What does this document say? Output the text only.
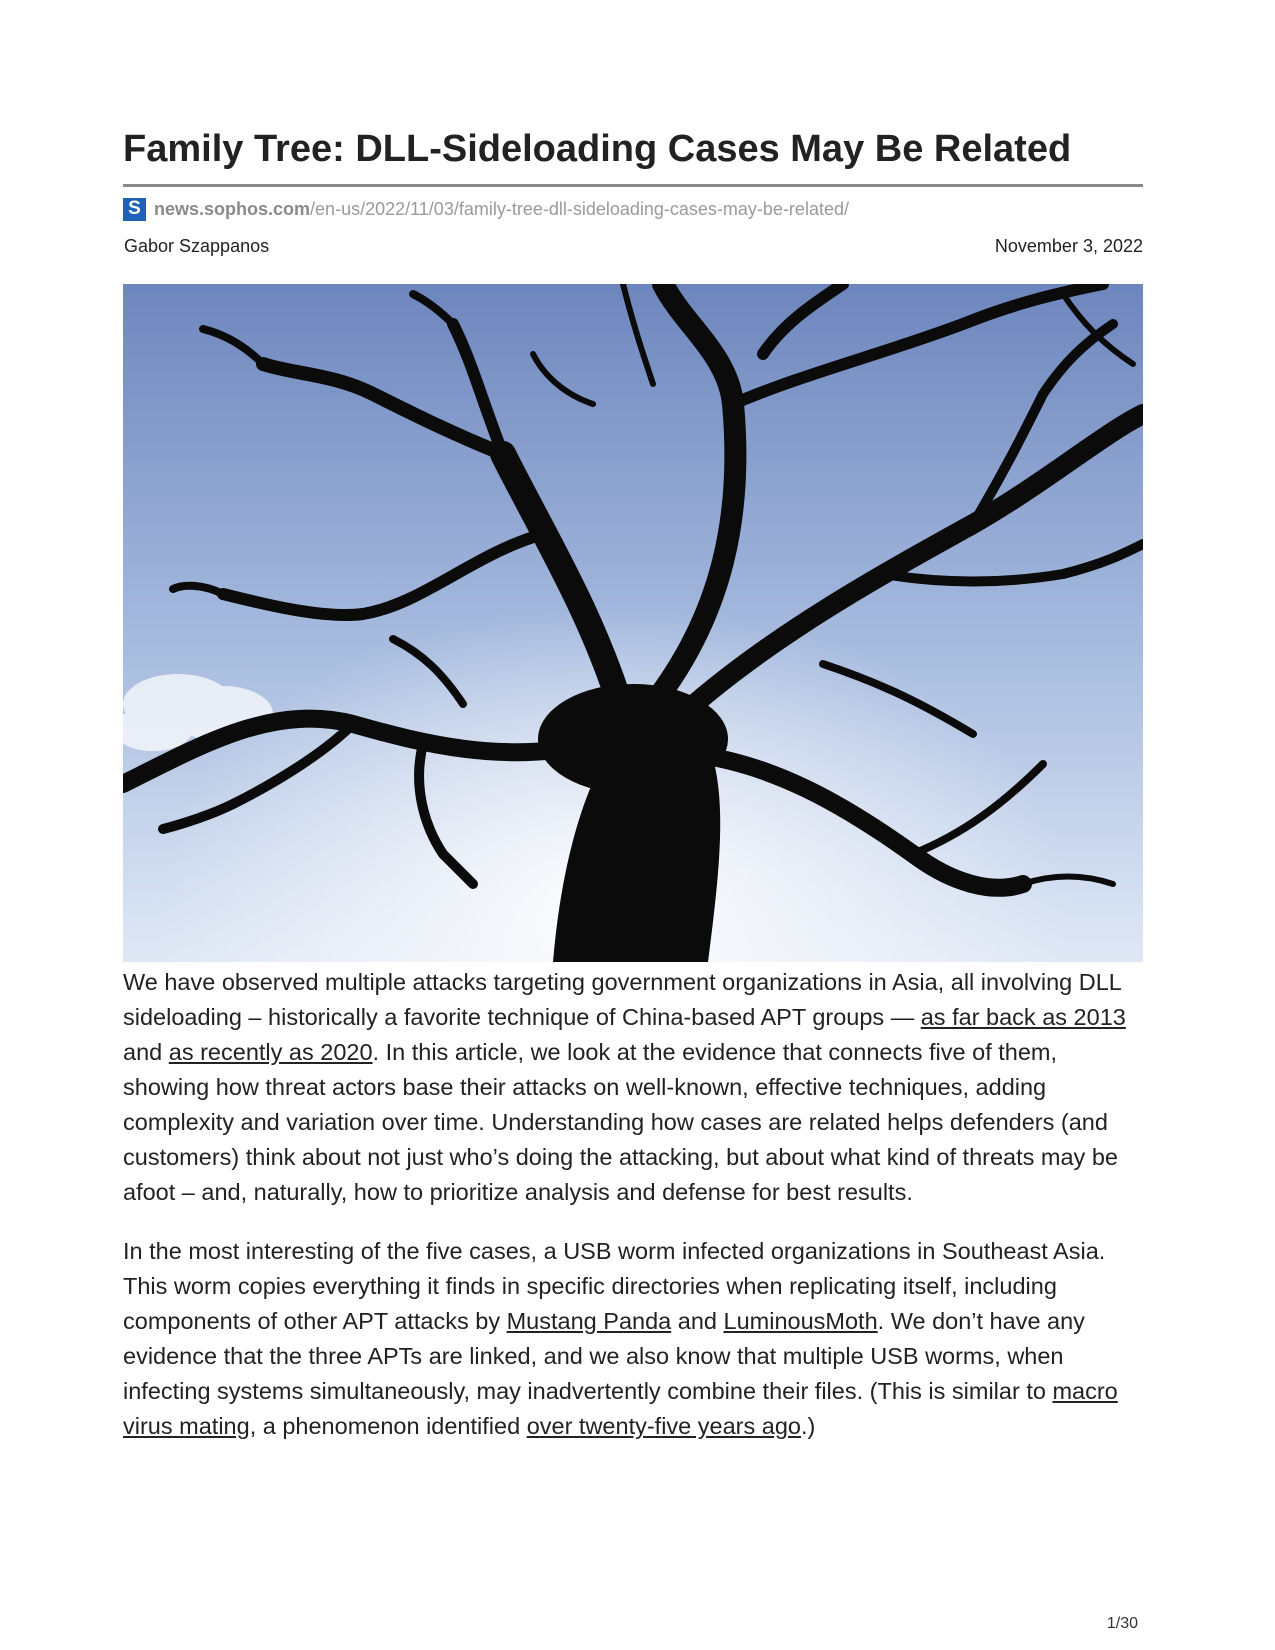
Family Tree: DLL-Sideloading Cases May Be Related
S news.sophos.com/en-us/2022/11/03/family-tree-dll-sideloading-cases-may-be-related/
Gabor Szappanos	November 3, 2022

We have observed multiple attacks targeting government organizations in Asia, all involving DLL sideloading – historically a favorite technique of China-based APT groups — as far back as 2013 and as recently as 2020. In this article, we look at the evidence that connects five of them, showing how threat actors base their attacks on well-known, effective techniques, adding complexity and variation over time. Understanding how cases are related helps defenders (and customers) think about not just who’s doing the attacking, but about what kind of threats may be afoot – and, naturally, how to prioritize analysis and defense for best results.

In the most interesting of the five cases, a USB worm infected organizations in Southeast Asia. This worm copies everything it finds in specific directories when replicating itself, including components of other APT attacks by Mustang Panda and LuminousMoth. We don’t have any evidence that the three APTs are linked, and we also know that multiple USB worms, when infecting systems simultaneously, may inadvertently combine their files. (This is similar to macro virus mating, a phenomenon identified over twenty-five years ago.)

1/30
